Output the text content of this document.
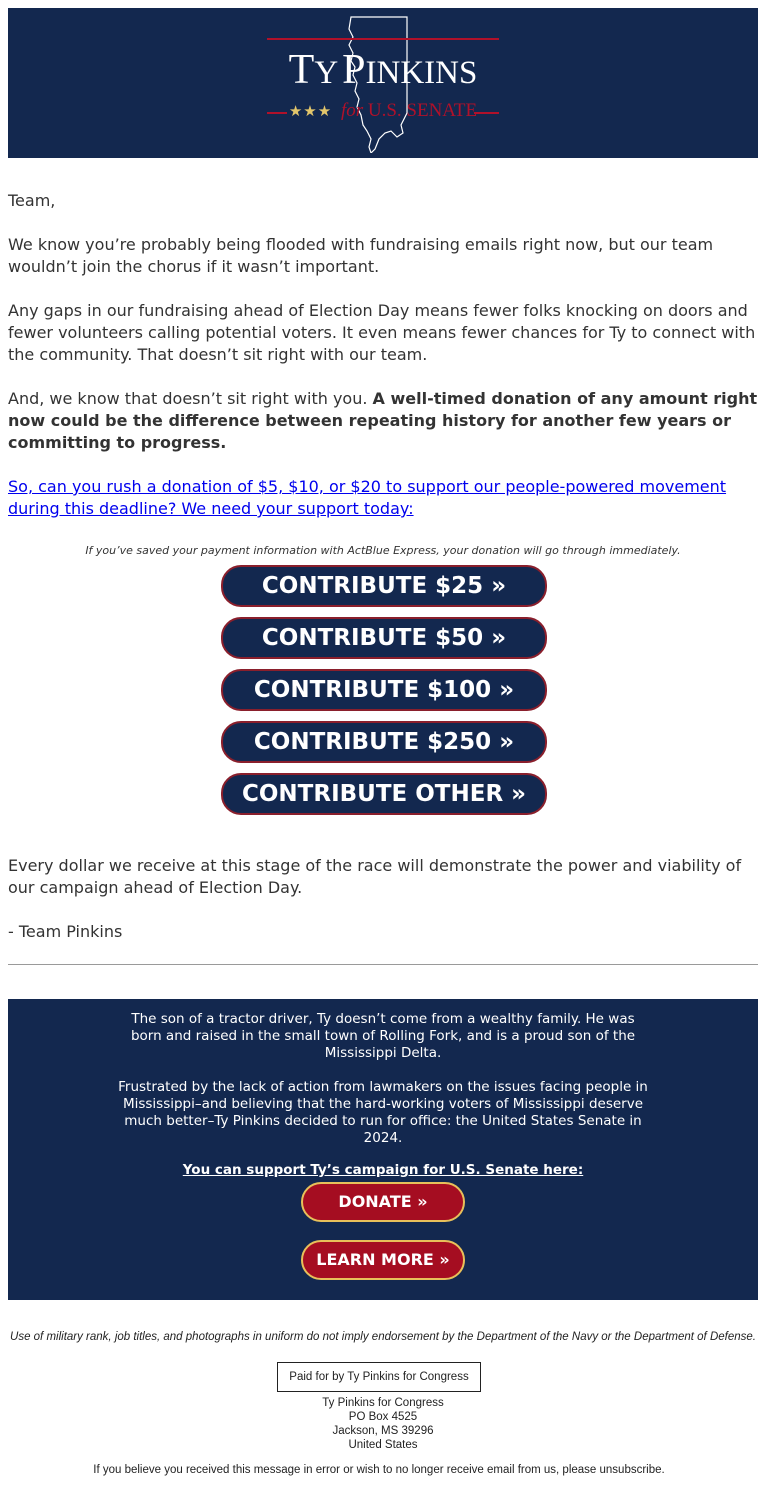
TY PINKINS
★★★ for U.S. SENATE
Team,
We know you’re probably being flooded with fundraising emails right now, but our team wouldn’t join the chorus if it wasn’t important.
Any gaps in our fundraising ahead of Election Day means fewer folks knocking on doors and fewer volunteers calling potential voters. It even means fewer chances for Ty to connect with the community. That doesn’t sit right with our team.
And, we know that doesn’t sit right with you. A well-timed donation of any amount right now could be the difference between repeating history for another few years or committing to progress.
So, can you rush a donation of $5, $10, or $20 to support our people-powered movement during this deadline? We need your support today:
If you’ve saved your payment information with ActBlue Express, your donation will go through immediately.
CONTRIBUTE $25 »
CONTRIBUTE $50 »
CONTRIBUTE $100 »
CONTRIBUTE $250 »
CONTRIBUTE OTHER »
Every dollar we receive at this stage of the race will demonstrate the power and viability of our campaign ahead of Election Day.
- Team Pinkins
The son of a tractor driver, Ty doesn’t come from a wealthy family. He was born and raised in the small town of Rolling Fork, and is a proud son of the Mississippi Delta.
Frustrated by the lack of action from lawmakers on the issues facing people in Mississippi–and believing that the hard-working voters of Mississippi deserve much better–Ty Pinkins decided to run for office: the United States Senate in 2024.
You can support Ty’s campaign for U.S. Senate here:
DONATE »
LEARN MORE »
Use of military rank, job titles, and photographs in uniform do not imply endorsement by the Department of the Navy or the Department of Defense.
Paid for by Ty Pinkins for Congress
Ty Pinkins for Congress
PO Box 4525
Jackson, MS 39296
United States
If you believe you received this message in error or wish to no longer receive email from us, please unsubscribe.
